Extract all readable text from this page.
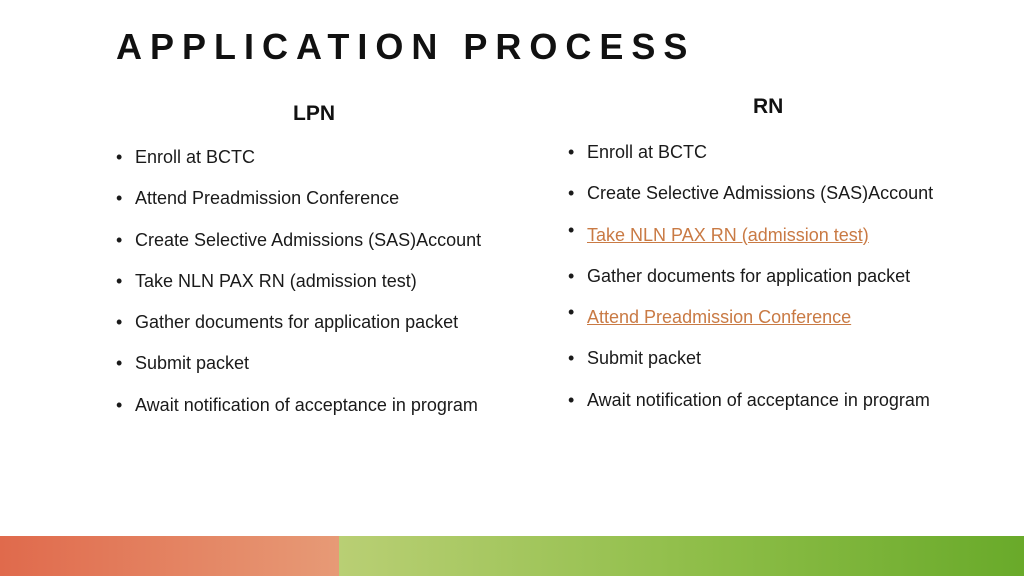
APPLICATION PROCESS
LPN
• Enroll at BCTC
• Attend Preadmission Conference
• Create Selective Admissions (SAS)Account
• Take NLN PAX RN (admission test)
• Gather documents for application packet
• Submit packet
• Await notification of acceptance in program
RN
• Enroll at BCTC
• Create Selective Admissions (SAS)Account
• Take NLN PAX RN (admission test)
• Gather documents for application packet
• Attend Preadmission Conference
• Submit packet
• Await notification of acceptance in program
